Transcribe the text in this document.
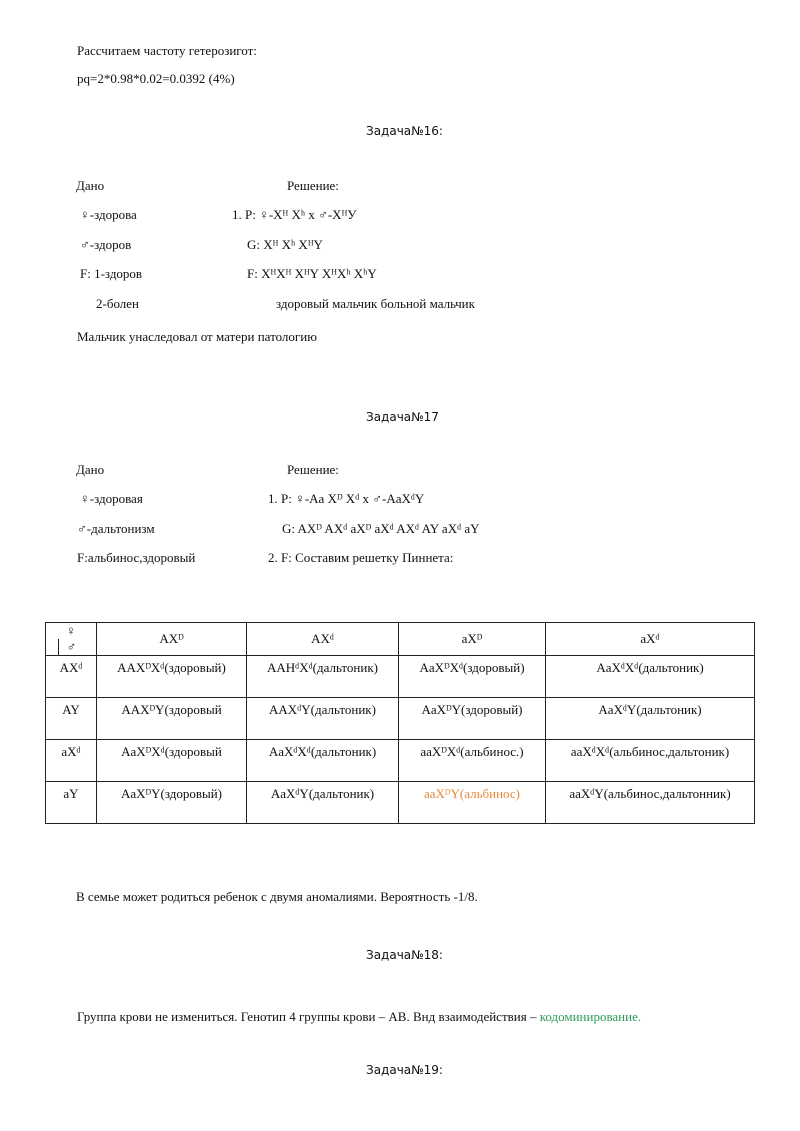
Рассчитаем частоту гетерозигот:
pq=2*0.98*0.02=0.0392 (4%)
Задача№16:
Дано	Решение:
♀-здорова	1. P: ♀-Xᴴ Xʰ x ♂-XᴴУ
♂-здоров	G: Xᴴ Xʰ XᴴY
F: 1-здоров	F: XᴴXᴴ XᴴY XᴴXʰ XʰY
2-болен	здоровый мальчик больной мальчик
Мальчик унаследовал от матери патологию
Задача№17
Дано	Решение:
♀-здоровая	1. P: ♀-Aa Xᴰ Xᵈ x ♂-AaXᵈY
♂-дальтонизм	G: AXᴰ AXᵈ aXᴰ aXᵈ AXᵈ AY aXᵈ aY
F:альбинос,здоровый	2. F: Составим решетку Пиннета:
♀♂	AXᴰ	AXᵈ	aXᴰ	aXᵈ
AXᵈ	AAXᴰXᵈ(здоровый)	AAHᵈXᵈ(дальтоник)	AaXᴰXᵈ(здоровый)	AaXᵈXᵈ(дальтоник)
AY	AAXᴰY(здоровый	AAXᵈY(дальтоник)	AaXᴰY(здоровый)	AaXᵈY(дальтоник)
aXᵈ	AaXᴰXᵈ(здоровый	AaXᵈXᵈ(дальтоник)	aaXᴰXᵈ(альбинос.)	aaXᵈXᵈ(альбинос,дальтоник)
aY	AaXᴰY(здоровый)	AaXᵈY(дальтоник)	aaXᴰY(альбинос)	aaXᵈY(альбинос,дальтонник)
В семье может родиться ребенок с двумя аномалиями. Вероятность -1/8.
Задача№18:
Группа крови не измениться. Генотип 4 группы крови – АВ. Внд взаимодействия – кодоминирование.
Задача№19:
